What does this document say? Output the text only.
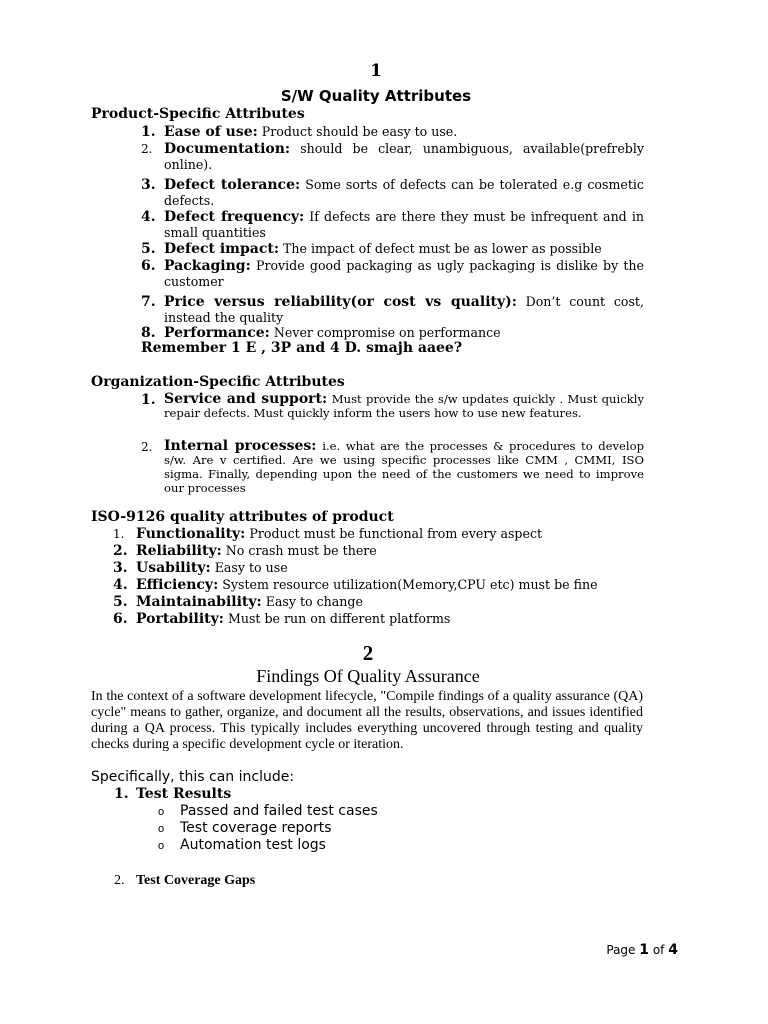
1
S/W Quality Attributes
Product-Specific Attributes
1. Ease of use: Product should be easy to use.
2. Documentation: should be clear, unambiguous, available(prefrebly online).
3. Defect tolerance: Some sorts of defects can be tolerated e.g cosmetic defects.
4. Defect frequency: If defects are there they must be infrequent and in small quantities
5. Defect impact: The impact of defect must be as lower as possible
6. Packaging: Provide good packaging as ugly packaging is dislike by the customer
7. Price versus reliability(or cost vs quality): Don’t count cost, instead the quality
8. Performance: Never compromise on performance
Remember 1 E , 3P and 4 D. smajh aaee?
Organization-Specific Attributes
1. Service and support: Must provide the s/w updates quickly . Must quickly repair defects. Must quickly inform the users how to use new features.
2. Internal processes: i.e. what are the processes & procedures to develop s/w. Are v certified. Are we using specific processes like CMM , CMMI, ISO sigma. Finally, depending upon the need of the customers we need to improve our processes
ISO-9126 quality attributes of product
1. Functionality: Product must be functional from every aspect
2. Reliability: No crash must be there
3. Usability: Easy to use
4. Efficiency: System resource utilization(Memory,CPU etc) must be fine
5. Maintainability: Easy to change
6. Portability: Must be run on different platforms
2
Findings Of Quality Assurance
In the context of a software development lifecycle, "Compile findings of a quality assurance (QA) cycle" means to gather, organize, and document all the results, observations, and issues identified during a QA process. This typically includes everything uncovered through testing and quality checks during a specific development cycle or iteration.
Specifically, this can include:
1. Test Results
o Passed and failed test cases
o Test coverage reports
o Automation test logs
2. Test Coverage Gaps
Page 1 of 4
